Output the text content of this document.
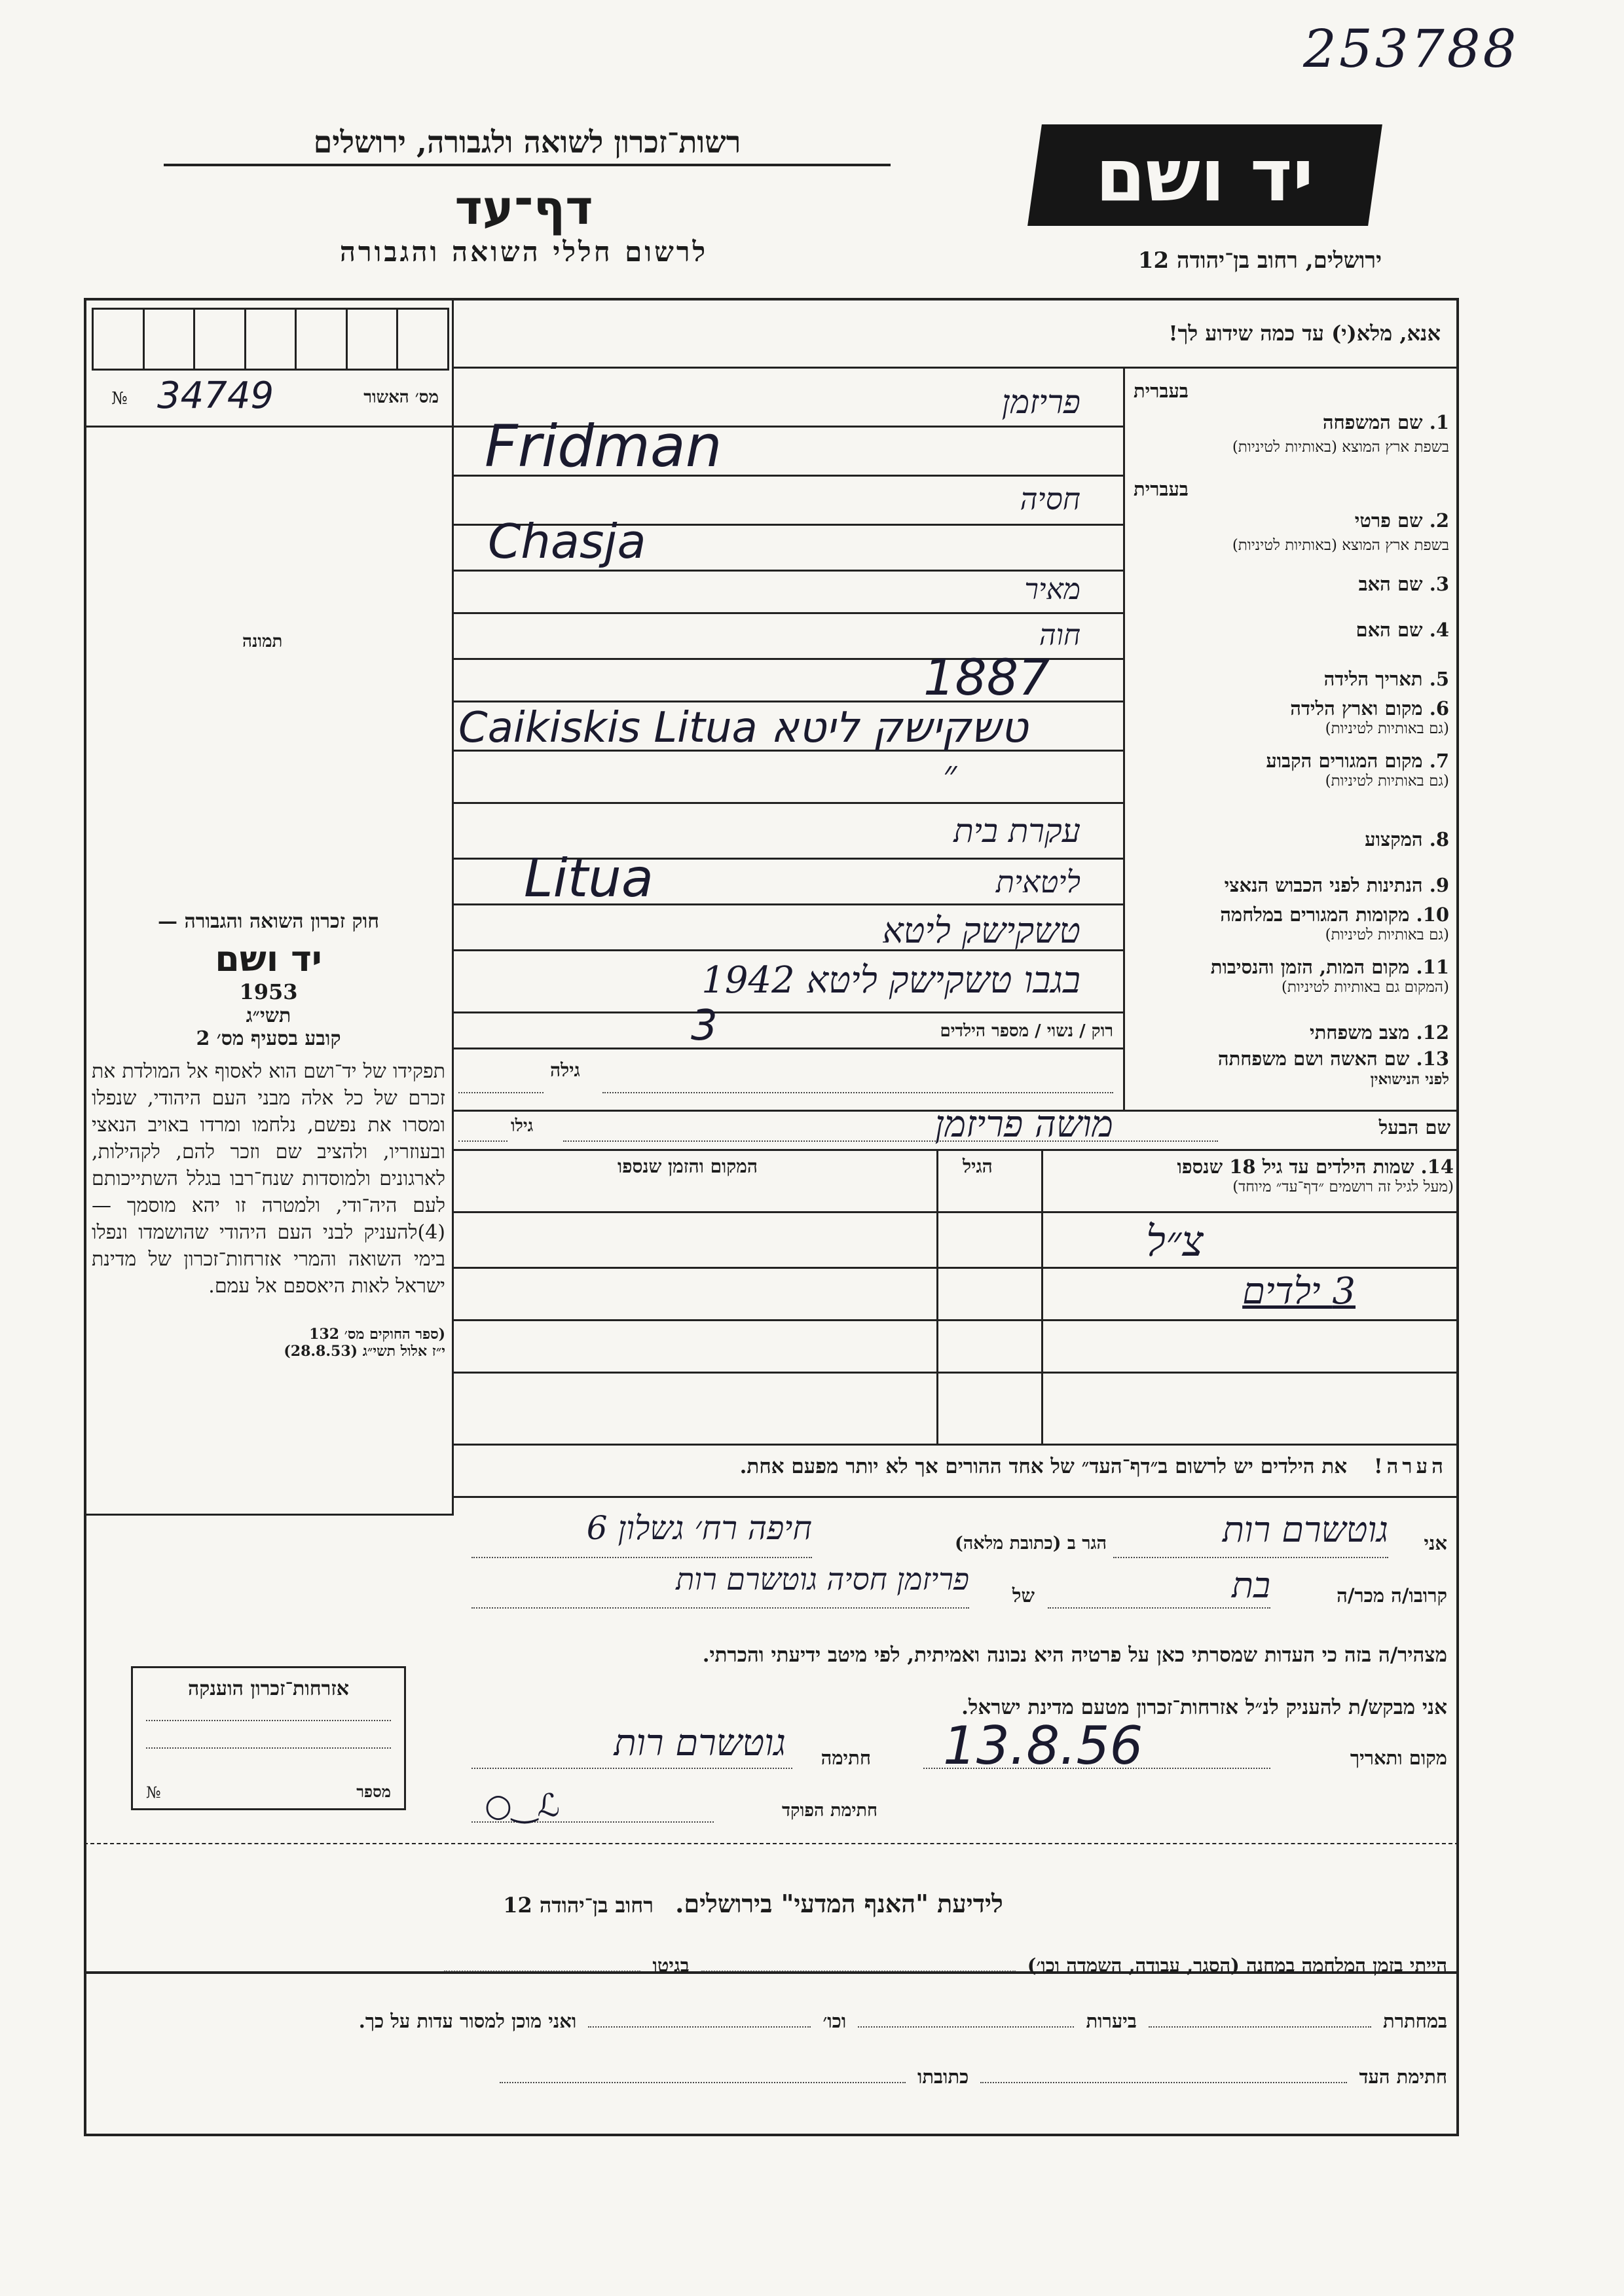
253788
רשות־זכרון לשואה ולגבורה, ירושלים
דף־עד
לרשום חללי השואה והגבורה
יד ושם
ירושלים, רחוב בן־יהודה 12
אנא, מלא(י) עד כמה שידוע לך!
מס׳ האשור
№ 34749
תמונה
בעברית
1. שם המשפחה
בשפת ארץ המוצא (באותיות לטיניות)
בעברית
2. שם פרטי
בשפת ארץ המוצא (באותיות לטיניות)
3. שם האב
4. שם האם
5. תאריך הלידה
6. מקום וארץ הלידה
(גם באותיות לטיניות)
7. מקום המגורים הקבוע
(גם באותיות לטיניות)
8. המקצוע
9. הנתינות לפני הכבוש הנאצי
10. מקומות המגורים במלחמה
(גם באותיות לטיניות)
11. מקום המות, הזמן והנסיבות
(המקום גם באותיות לטיניות)
12. מצב משפחתי
13. שם האשה ושם משפחתה
לפני הנישואין
פריזמן
Fridman
חסיה
Chasja
מאיר
חוה
1887
Caikiskis Litua טשקישק ליטא
״
עקרת בית
Litua	ליטאית
טשקישק ליטא
בגבו טשקישק ליטא 1942
רוק / נשוי / מספר הילדים
3
גילה
שם הבעל
גילו	מושה פריזמן
14. שמות הילדים עד גיל 18 שנספו
(מעל לגיל זה רושמים ״דף־עד״ מיוחד)
הגיל
המקום והזמן שנספו
צ״ל
3 ילדים
חוק זכרון השואה והגבורה —
יד ושם
1953
תשי״ג
קובע בסעיף מס׳ 2
תפקידו של יד־ושם הוא לאסוף אל המולדת את זכרם של כל אלה מבני העם היהודי, שנפלו ומסרו את נפשם, נלחמו ומרדו באויב הנאצי ובעוזריו, ולהציב שם וזכר להם, לקהילות, לארגונים ולמוסדות שנח־רבו בגלל השתייכותם לעם היה־ודי, ולמטרה זו יהא מוסמך — (4)להעניק לבני העם היהודי שהושמדו ונפלו בימי השואה והמרי אזרחות־זכרון של מדינת ישראל לאות היאספם אל עמם.
(ספר החוקים מס׳ 132
י״ז אלול תשי״ג (28.8.53)
הערה! את הילדים יש לרשום ב״דף־העד״ של אחד ההורים אך לא יותר מפעם אחת.
אני
גוטשרם רות
הגר ב (כתובת מלאה)
חיפה רח׳ גשלון 6
קרובו/ה מכר/ה
בת
של
פריזמן חסיה גוטשרם רות
מצהיר/ה בזה כי העדות שמסרתי כאן על פרטיה היא נכונה ואמיתית, לפי מיטב ידיעתי והכרתי.
אני מבקש/ת להעניק לנ״ל אזרחות־זכרון מטעם מדינת ישראל.
מקום ותאריך
13.8.56
חתימה
גוטשרם רות
חתימת הפוקד
ℒ‿○
אזרחות־זכרון הוענקה
מספר
№
לידיעת "האנף המדעי" בירושלים. רחוב בן־יהודה 12
הייתי בזמן המלחמה במחנה (הסגר, עבודה, השמדה וכו׳)  בגיטו
במחתרת  ביערות  וכו׳  ואני מוכן למסור עדות על כך.
חתימת העד  כתובתו
